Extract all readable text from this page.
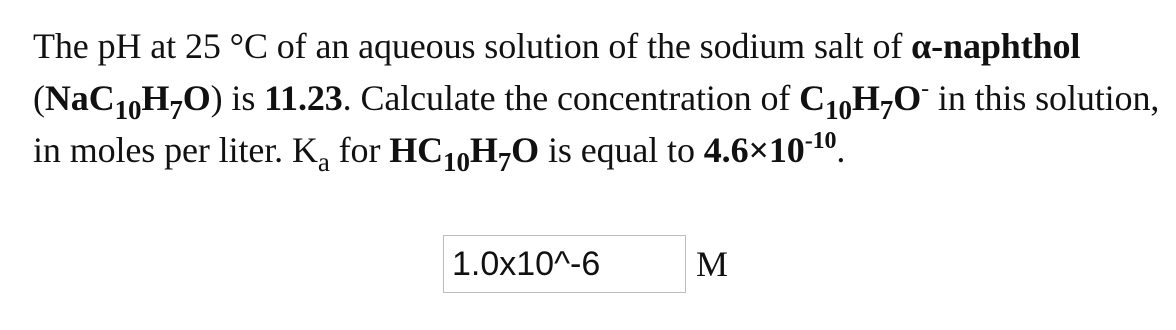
The pH at 25 °C of an aqueous solution of the sodium salt of α-naphthol
$(NaC_{10}H_7O)$ is 11.23. Calculate the concentration of $C_{10}H_7O^-$ in this solution, in moles per liter. $K_a$ for $HC_{10}H_7O$ is equal to $4.6\times 10^{-10}$.
1.0x10^-6
M
